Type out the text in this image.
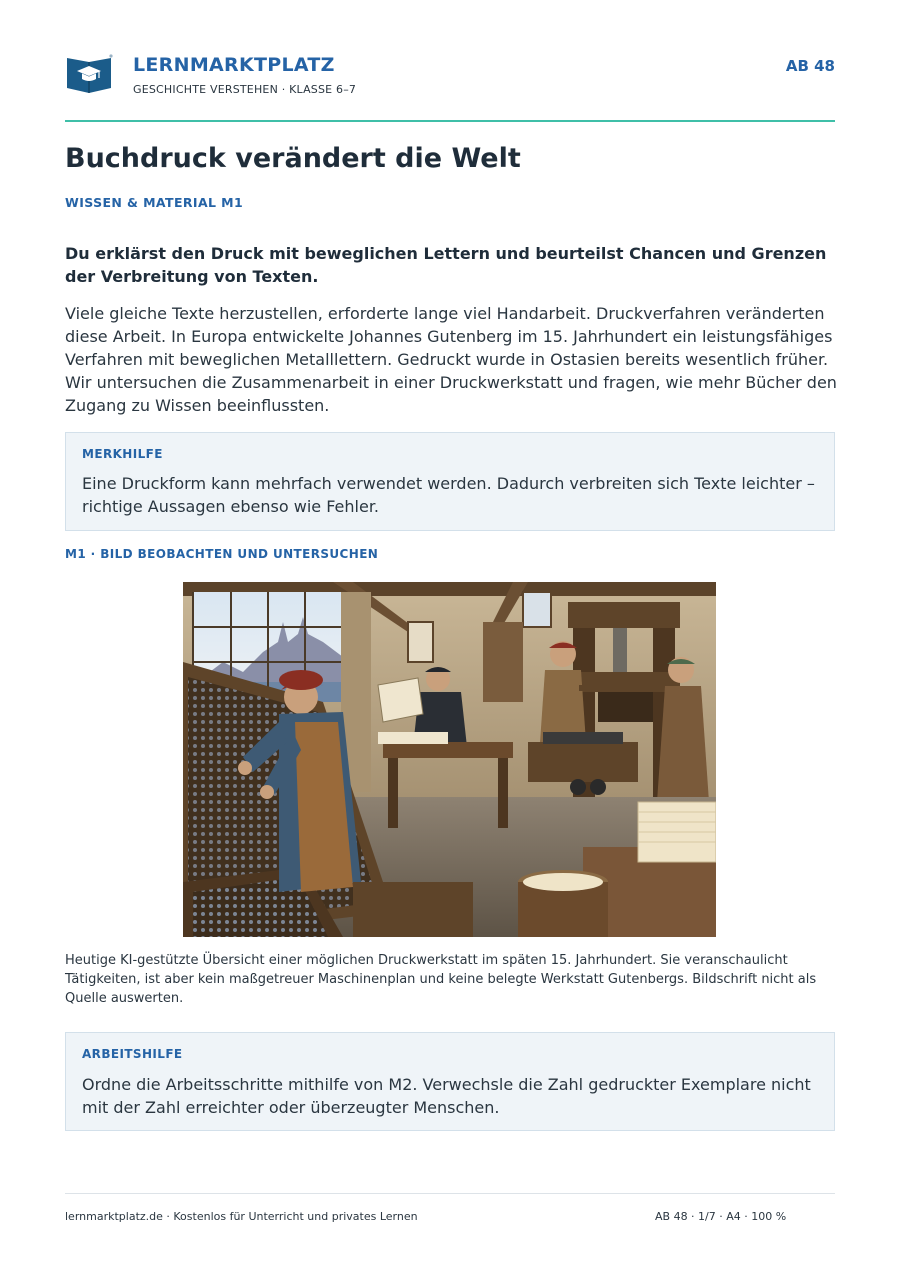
LERNMARKTPLATZ
GESCHICHTE VERSTEHEN · KLASSE 6–7
AB 48
Buchdruck verändert die Welt
WISSEN & MATERIAL M1

Du erklärst den Druck mit beweglichen Lettern und beurteilst Chancen und Grenzen der Verbreitung von Texten.

Viele gleiche Texte herzustellen, erforderte lange viel Handarbeit. Druckverfahren veränderten diese Arbeit. In Europa entwickelte Johannes Gutenberg im 15. Jahrhundert ein leistungsfähiges Verfahren mit beweglichen Metalllettern. Gedruckt wurde in Ostasien bereits wesentlich früher. Wir untersuchen die Zusammenarbeit in einer Druckwerkstatt und fragen, wie mehr Bücher den Zugang zu Wissen beeinflussten.

MERKHILFE

Eine Druckform kann mehrfach verwendet werden. Dadurch verbreiten sich Texte leichter – richtige Aussagen ebenso wie Fehler.

M1 · BILD BEOBACHTEN UND UNTERSUCHEN

Heutige KI-gestützte Übersicht einer möglichen Druckwerkstatt im späten 15. Jahrhundert. Sie veranschaulicht Tätigkeiten, ist aber kein maßgetreuer Maschinenplan und keine belegte Werkstatt Gutenbergs. Bildschrift nicht als Quelle auswerten.

ARBEITSHILFE

Ordne die Arbeitsschritte mithilfe von M2. Verwechsle die Zahl gedruckter Exemplare nicht mit der Zahl erreichter oder überzeugter Menschen.

lernmarktplatz.de · Kostenlos für Unterricht und privates Lernen	AB 48 · 1/7 · A4 · 100 %
